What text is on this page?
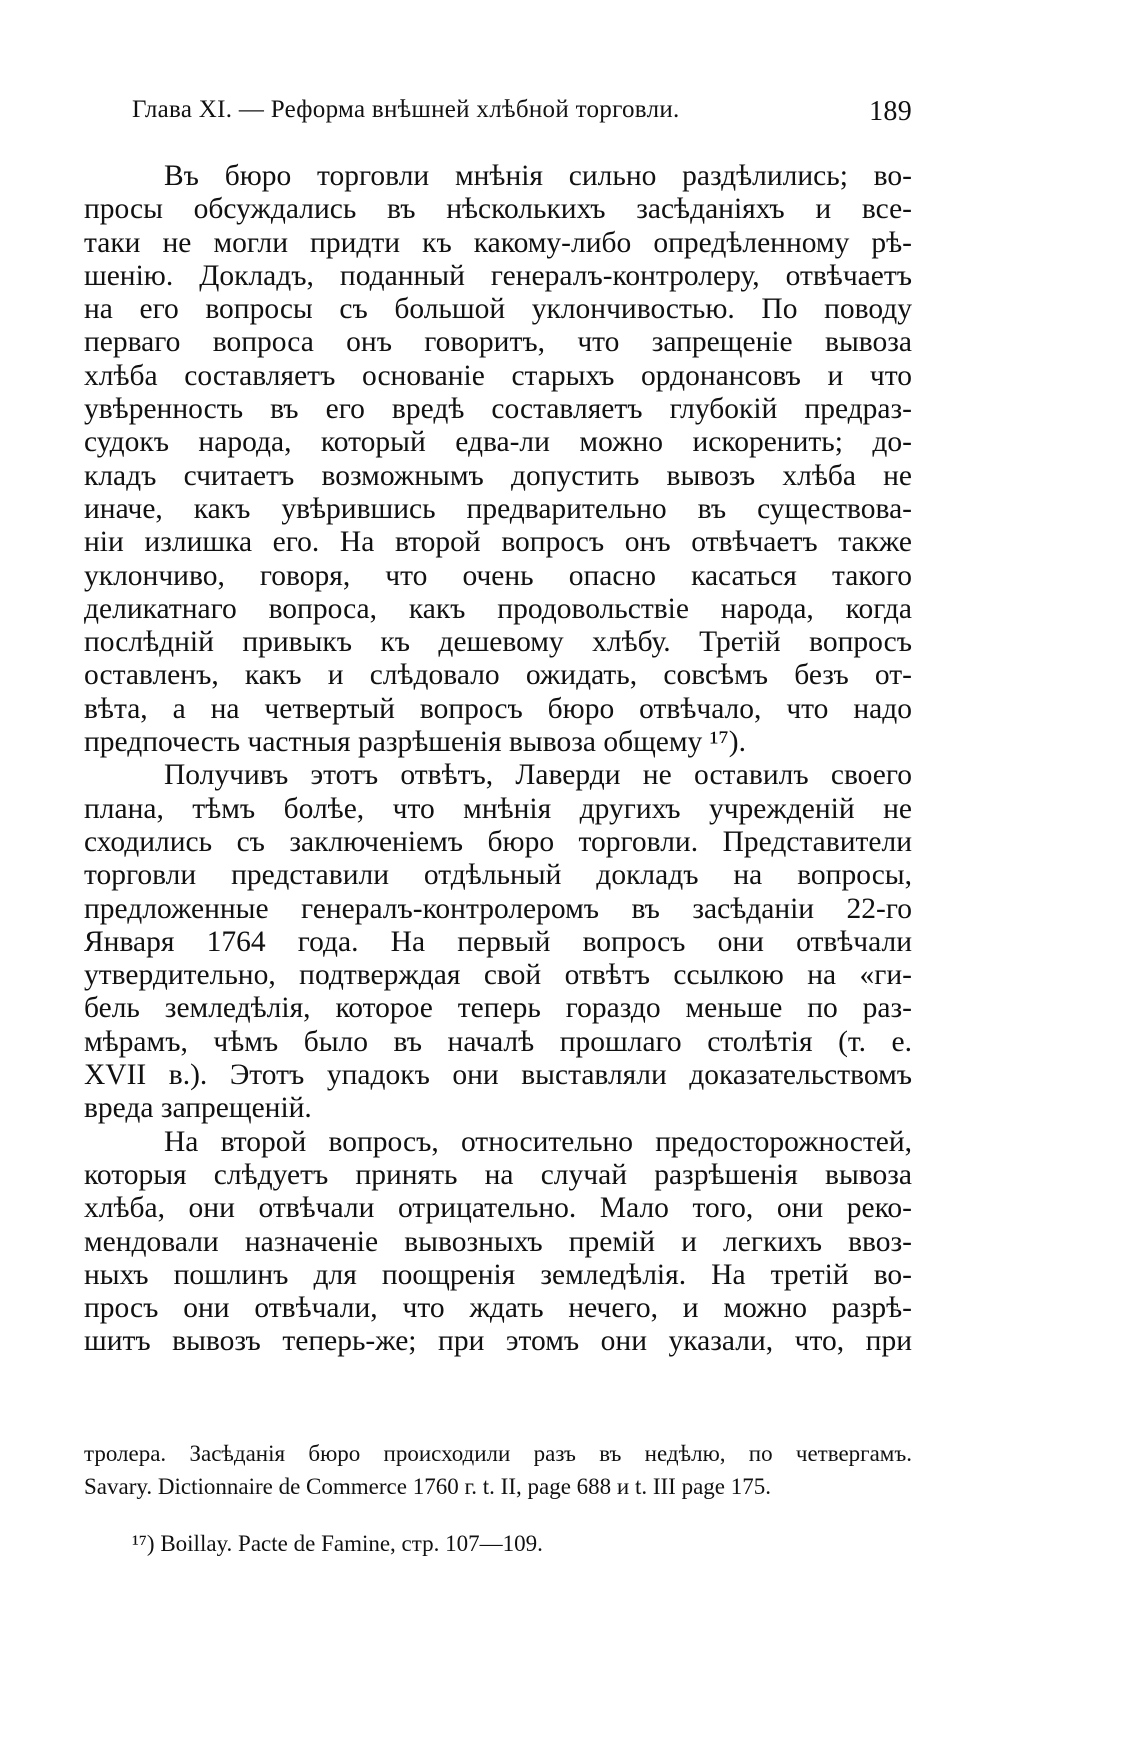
Глава XI. — Реформа внѣшней хлѣбной торговли.	189
Въ бюро торговли мнѣнія сильно раздѣлились; во-
просы обсуждались въ нѣсколькихъ засѣданіяхъ и все-
таки не могли придти къ какому-либо опредѣленному рѣ-
шенію. Докладъ, поданный генералъ-контролеру, отвѣчаетъ
на его вопросы съ большой уклончивостью. По поводу
перваго вопроса онъ говоритъ, что запрещеніе вывоза
хлѣба составляетъ основаніе старыхъ ордонансовъ и что
увѣренность въ его вредѣ составляетъ глубокій предраз-
судокъ народа, который едва-ли можно искоренить; до-
кладъ считаетъ возможнымъ допустить вывозъ хлѣба не
иначе, какъ увѣрившись предварительно въ существова-
ніи излишка его. На второй вопросъ онъ отвѣчаетъ также
уклончиво, говоря, что очень опасно касаться такого
деликатнаго вопроса, какъ продовольствіе народа, когда
послѣдній привыкъ къ дешевому хлѣбу. Третій вопросъ
оставленъ, какъ и слѣдовало ожидать, совсѣмъ безъ от-
вѣта, а на четвертый вопросъ бюро отвѣчало, что надо
предпочесть частныя разрѣшенія вывоза общему ¹⁷).
Получивъ этотъ отвѣтъ, Лаверди не оставилъ своего
плана, тѣмъ болѣе, что мнѣнія другихъ учрежденій не
сходились съ заключеніемъ бюро торговли. Представители
торговли представили отдѣльный докладъ на вопросы,
предложенные генералъ-контролеромъ въ засѣданіи 22-го
Января 1764 года. На первый вопросъ они отвѣчали
утвердительно, подтверждая свой отвѣтъ ссылкою на «ги-
бель земледѣлія, которое теперь гораздо меньше по раз-
мѣрамъ, чѣмъ было въ началѣ прошлаго столѣтія (т. е.
XVII в.). Этотъ упадокъ они выставляли доказательствомъ
вреда запрещеній.
На второй вопросъ, относительно предосторожностей,
которыя слѣдуетъ принять на случай разрѣшенія вывоза
хлѣба, они отвѣчали отрицательно. Мало того, они реко-
мендовали назначеніе вывозныхъ премій и легкихъ ввоз-
ныхъ пошлинъ для поощренія земледѣлія. На третій во-
просъ они отвѣчали, что ждать нечего, и можно разрѣ-
шитъ вывозъ теперь-же; при этомъ они указали, что, при
тролера. Засѣданія бюро происходили разъ въ недѣлю, по четвергамъ.
Savary. Dictionnaire de Commerce 1760 г. t. II, page 688 и t. III page 175.
¹⁷) Boillay. Pacte de Famine, стр. 107—109.
